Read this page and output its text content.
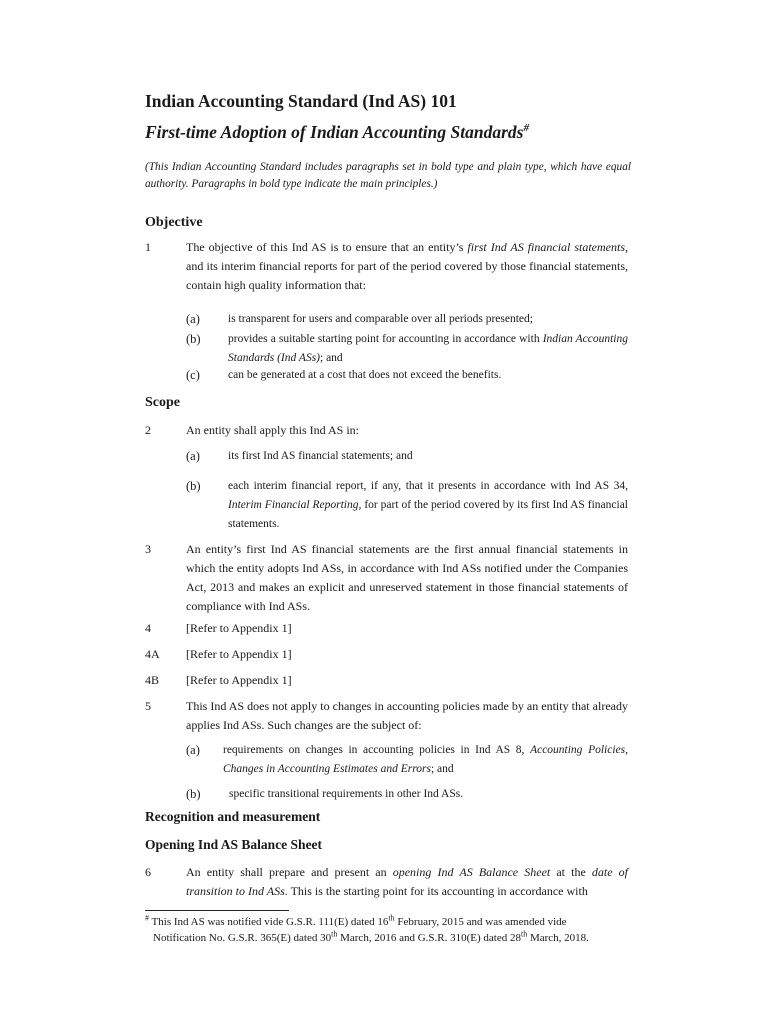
Indian Accounting Standard (Ind AS) 101
First-time Adoption of Indian Accounting Standards#
(This Indian Accounting Standard includes paragraphs set in bold type and plain type, which have equal authority. Paragraphs in bold type indicate the main principles.)
Objective
1	The objective of this Ind AS is to ensure that an entity’s first Ind AS financial statements, and its interim financial reports for part of the period covered by those financial statements, contain high quality information that:
(a) is transparent for users and comparable over all periods presented;
(b) provides a suitable starting point for accounting in accordance with Indian Accounting Standards (Ind ASs); and
(c) can be generated at a cost that does not exceed the benefits.
Scope
2	An entity shall apply this Ind AS in:
(a) its first Ind AS financial statements; and
(b) each interim financial report, if any, that it presents in accordance with Ind AS 34, Interim Financial Reporting, for part of the period covered by its first Ind AS financial statements.
3	An entity’s first Ind AS financial statements are the first annual financial statements in which the entity adopts Ind ASs, in accordance with Ind ASs notified under the Companies Act, 2013 and makes an explicit and unreserved statement in those financial statements of compliance with Ind ASs.
4	[Refer to Appendix 1]
4A [Refer to Appendix 1]
4B [Refer to Appendix 1]
5	This Ind AS does not apply to changes in accounting policies made by an entity that already applies Ind ASs. Such changes are the subject of:
(a) requirements on changes in accounting policies in Ind AS 8, Accounting Policies, Changes in Accounting Estimates and Errors; and
(b) specific transitional requirements in other Ind ASs.
Recognition and measurement
Opening Ind AS Balance Sheet
6	An entity shall prepare and present an opening Ind AS Balance Sheet at the date of transition to Ind ASs. This is the starting point for its accounting in accordance with
# This Ind AS was notified vide G.S.R. 111(E) dated 16th February, 2015 and was amended vide
Notification No. G.S.R. 365(E) dated 30th March, 2016 and G.S.R. 310(E) dated 28th March, 2018.
